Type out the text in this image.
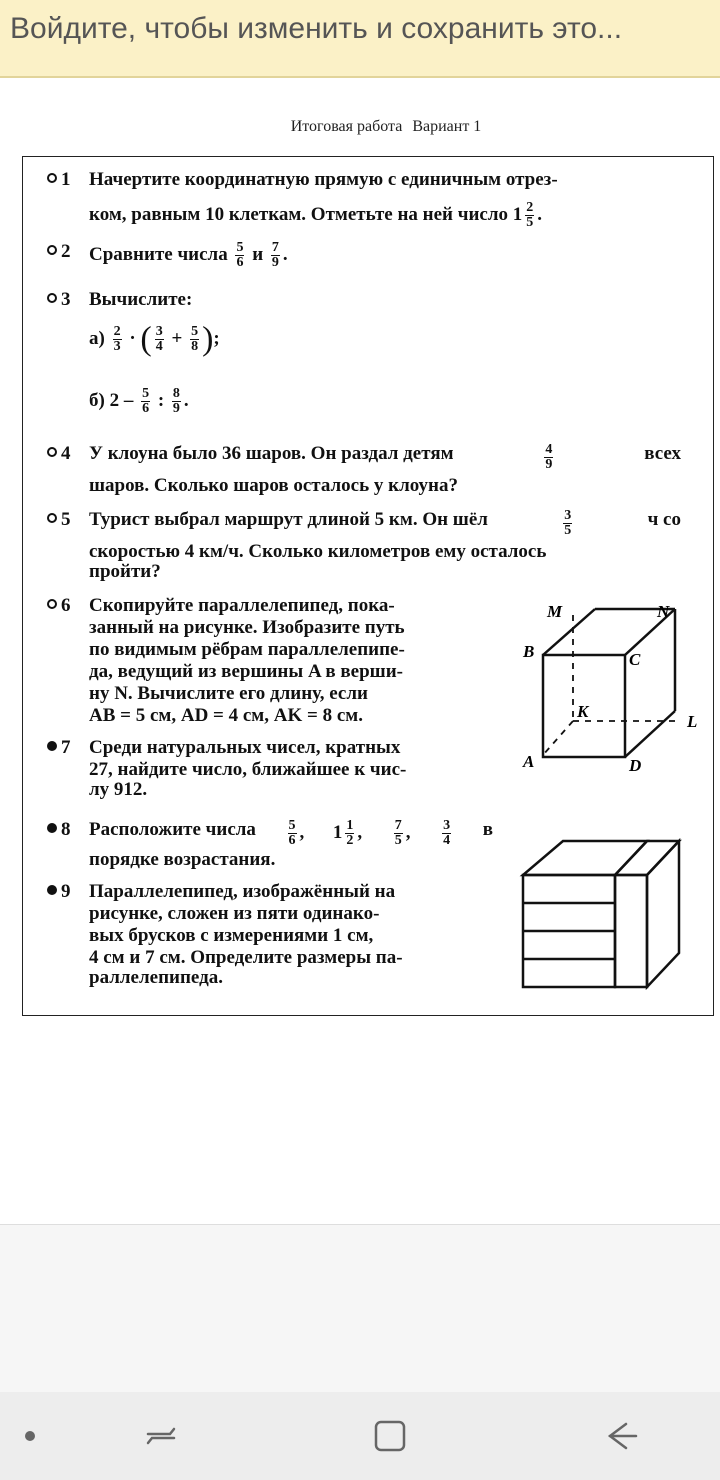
Войдите, чтобы изменить и сохранить это...
Итоговая работа Вариант 1
1 Начертите координатную прямую с единичным отрез-
ком, равным 10 клеткам. Отметьте на ней число $1 \frac{2}{5}$ .
2 Сравните числа $\frac{5}{6}$ и $\frac{7}{9}$ .
3 Вычислите:
$а) \frac{2}{3}$ · ( $\frac{3}{4} + \frac{5}{8}$ );
б) $2 - \frac{5}{6}$ : $\frac{8}{9}$ .
4 У клоуна было 36 шаров. Он раздал детям	$\frac{4}{9}$	всех
шаров. Сколько шаров осталось у клоуна?
5 Турист выбрал маршрут длиной 5 км. Он шёл	$\frac{3}{5}$	ч со
скоростью 4 км/ч. Сколько километров ему осталось
пройти?
6 Скопируйте параллелепипед, пока-
занный на рисунке. Изобразите путь
по видимым рёбрам параллелепипе-
да, ведущий из вершины A в верши-
ну N. Вычислите его длину, если
AB = 5 см, AD = 4 см, AK = 8 см.
7 Среди натуральных чисел, кратных
27, найдите число, ближайшее к чис-
лу 912.
8 Расположите числа $\frac{5}{6}$ , $1 \frac{1}{2}$ , $\frac{7}{5}$ , $\frac{3}{4}$ в
порядке возрастания.
9 Параллелепипед, изображённый на
рисунке, сложен из пяти одинако-
вых брусков с измерениями 1 см,
4 см и 7 см. Определите размеры па-
раллелепипеда.
M	N
B	C
K
L
A	D
